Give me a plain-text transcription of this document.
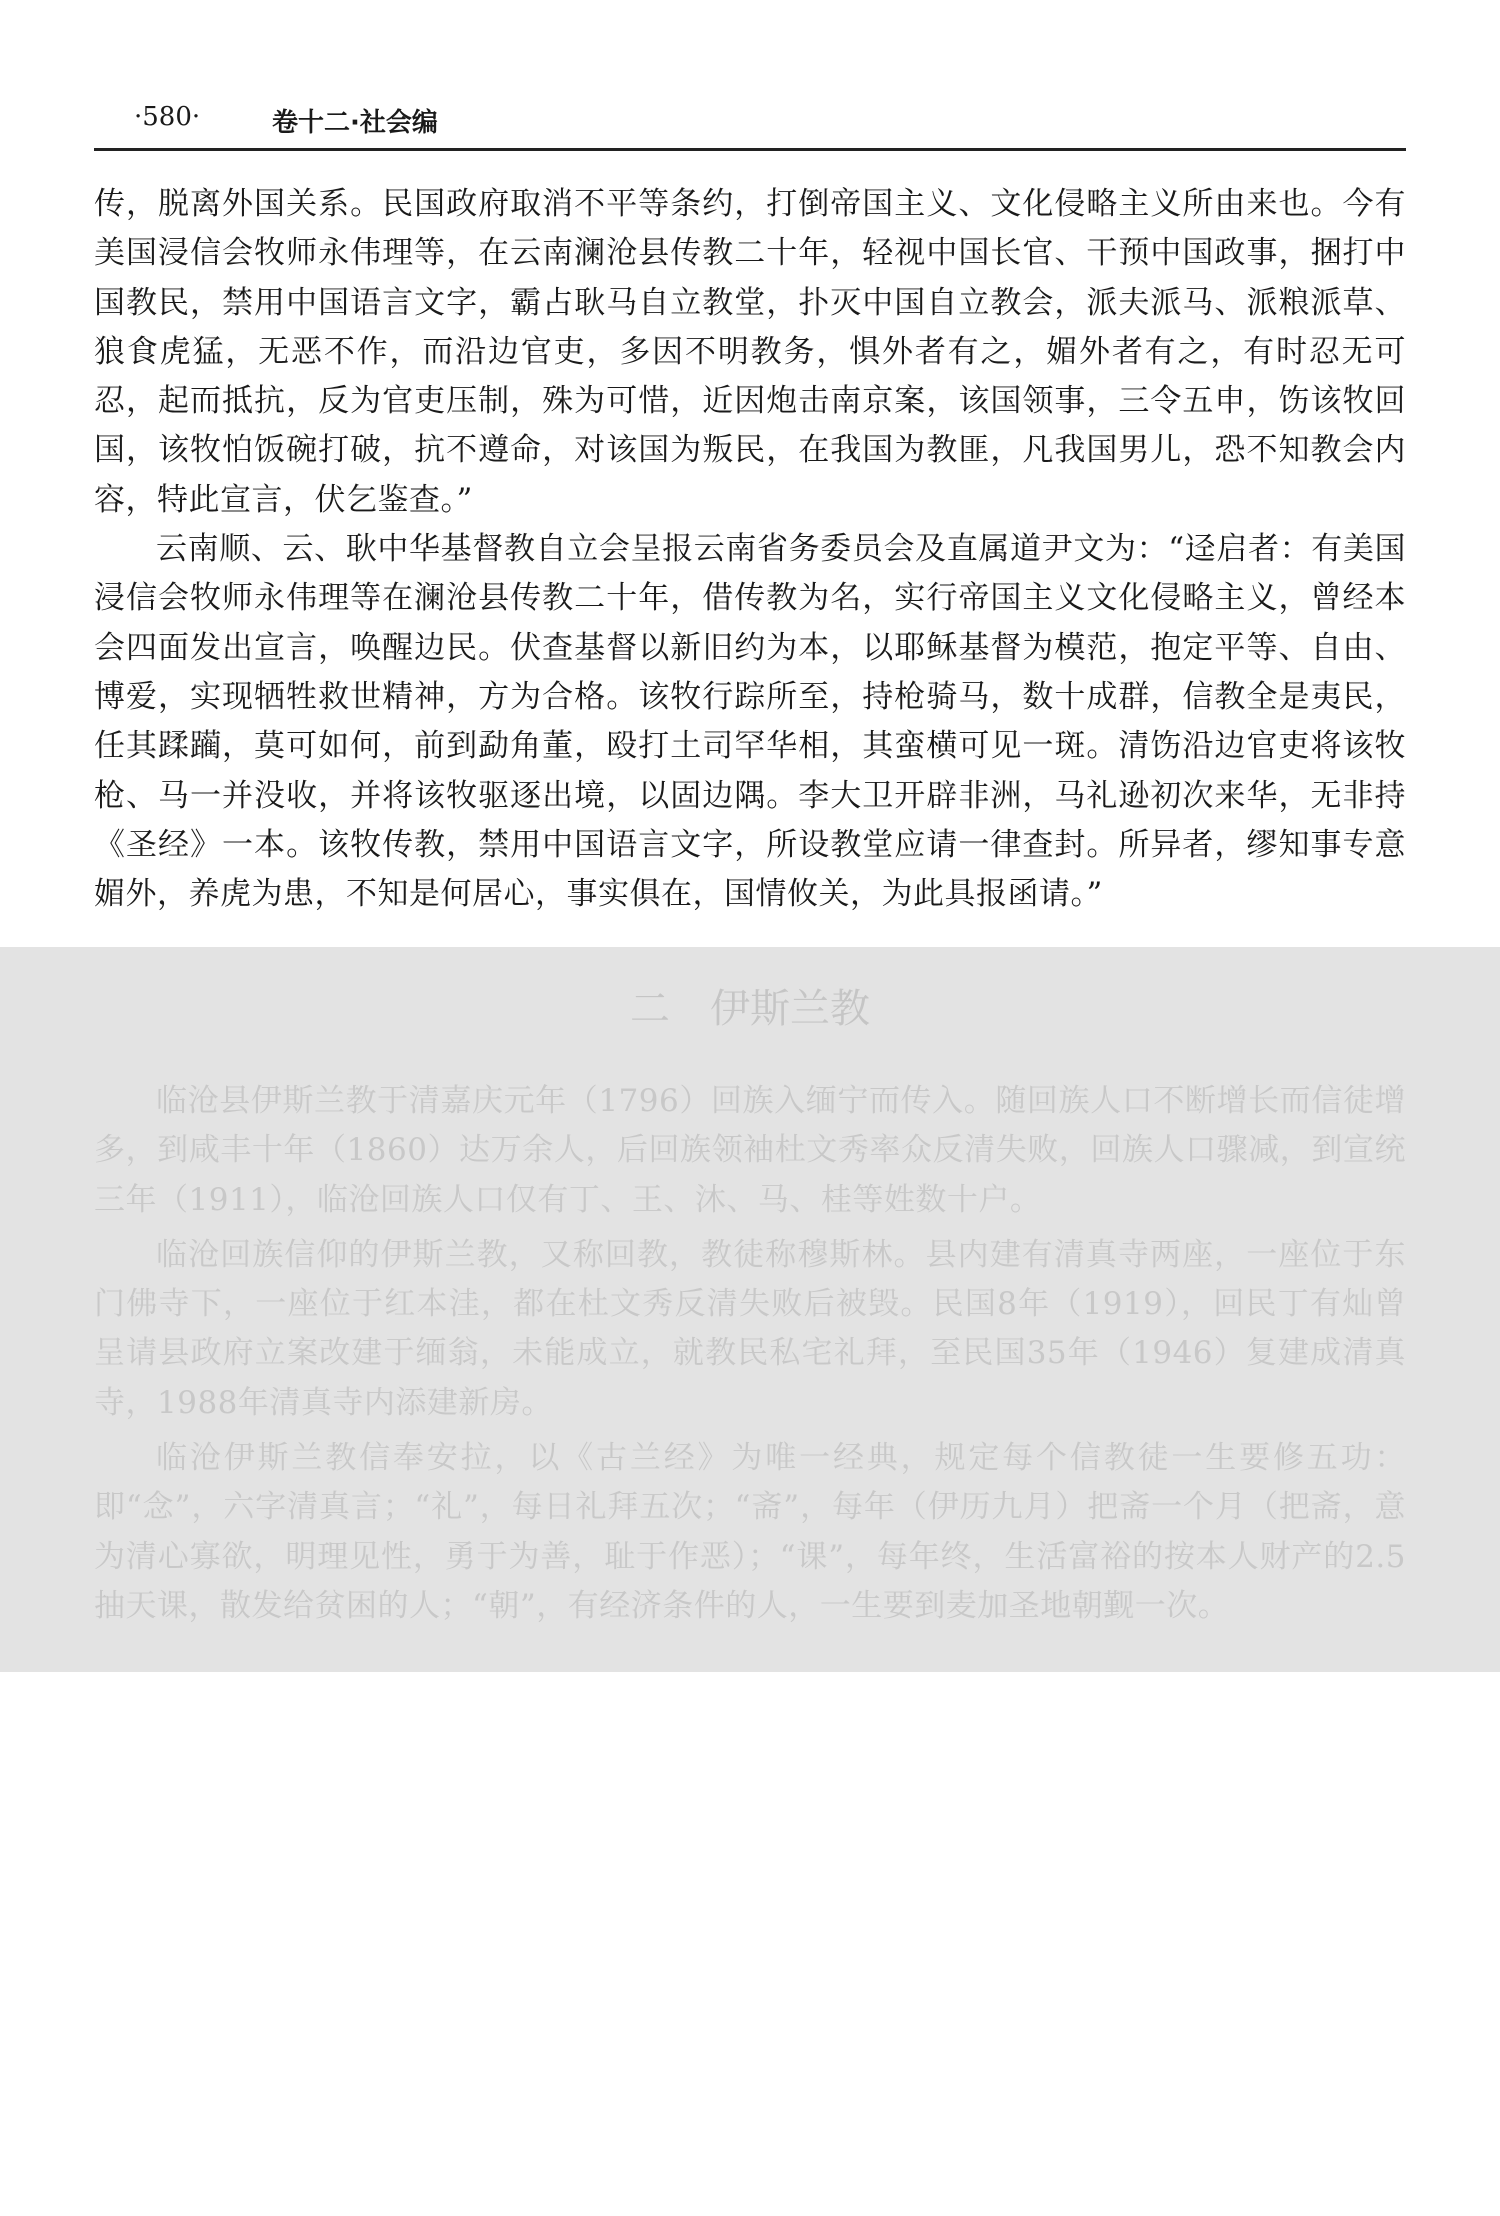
·580·	卷十二·社会编

传，脱离外国关系。民国政府取消不平等条约，打倒帝国主义、文化侵略主义所由来也。今有美国浸信会牧师永伟理等，在云南澜沧县传教二十年，轻视中国长官、干预中国政事，捆打中国教民，禁用中国语言文字，霸占耿马自立教堂，扑灭中国自立教会，派夫派马、派粮派草、狼食虎猛，无恶不作，而沿边官吏，多因不明教务，惧外者有之，媚外者有之，有时忍无可忍，起而抵抗，反为官吏压制，殊为可惜，近因炮击南京案，该国领事，三令五申，饬该牧回国，该牧怕饭碗打破，抗不遵命，对该国为叛民，在我国为教匪，凡我国男儿，恐不知教会内容，特此宣言，伏乞鉴查。”

云南顺、云、耿中华基督教自立会呈报云南省务委员会及直属道尹文为：“迳启者：有美国浸信会牧师永伟理等在澜沧县传教二十年，借传教为名，实行帝国主义文化侵略主义，曾经本会四面发出宣言，唤醒边民。伏查基督以新旧约为本，以耶稣基督为模范，抱定平等、自由、博爱，实现牺牲救世精神，方为合格。该牧行踪所至，持枪骑马，数十成群，信教全是夷民，任其蹂躏，莫可如何，前到勐角董，殴打土司罕华相，其蛮横可见一斑。清饬沿边官吏将该牧枪、马一并没收，并将该牧驱逐出境，以固边隅。李大卫开辟非洲，马礼逊初次来华，无非持《圣经》一本。该牧传教，禁用中国语言文字，所设教堂应请一律查封。所异者，缪知事专意媚外，养虎为患，不知是何居心，事实俱在，国情攸关，为此具报函请。”

二　伊斯兰教

临沧县伊斯兰教于清嘉庆元年（1796）回族入缅宁而传入。随回族人口不断增长而信徒增多，到咸丰十年（1860）达万余人，后回族领袖杜文秀率众反清失败，回族人口骤减，到宣统三年（1911），临沧回族人口仅有丁、王、沐、马、桂等姓数十户。

临沧回族信仰的伊斯兰教，又称回教，教徒称穆斯林。县内建有清真寺两座，一座位于东门佛寺下，一座位于红本洼，都在杜文秀反清失败后被毁。民国8年（1919），回民丁有灿曾呈请县政府立案改建于缅翁，未能成立，就教民私宅礼拜，至民国35年（1946）复建成清真寺，1988年清真寺内添建新房。

临沧伊斯兰教信奉安拉，以《古兰经》为唯一经典，规定每个信教徒一生要修五功：即“念”，六字清真言；“礼”，每日礼拜五次；“斋”，每年（伊历九月）把斋一个月（把斋，意为清心寡欲，明理见性，勇于为善，耻于作恶）；“课”，每年终，生活富裕的按本人财产的2.5抽天课，散发给贫困的人；“朝”，有经济条件的人，一生要到麦加圣地朝觐一次。
